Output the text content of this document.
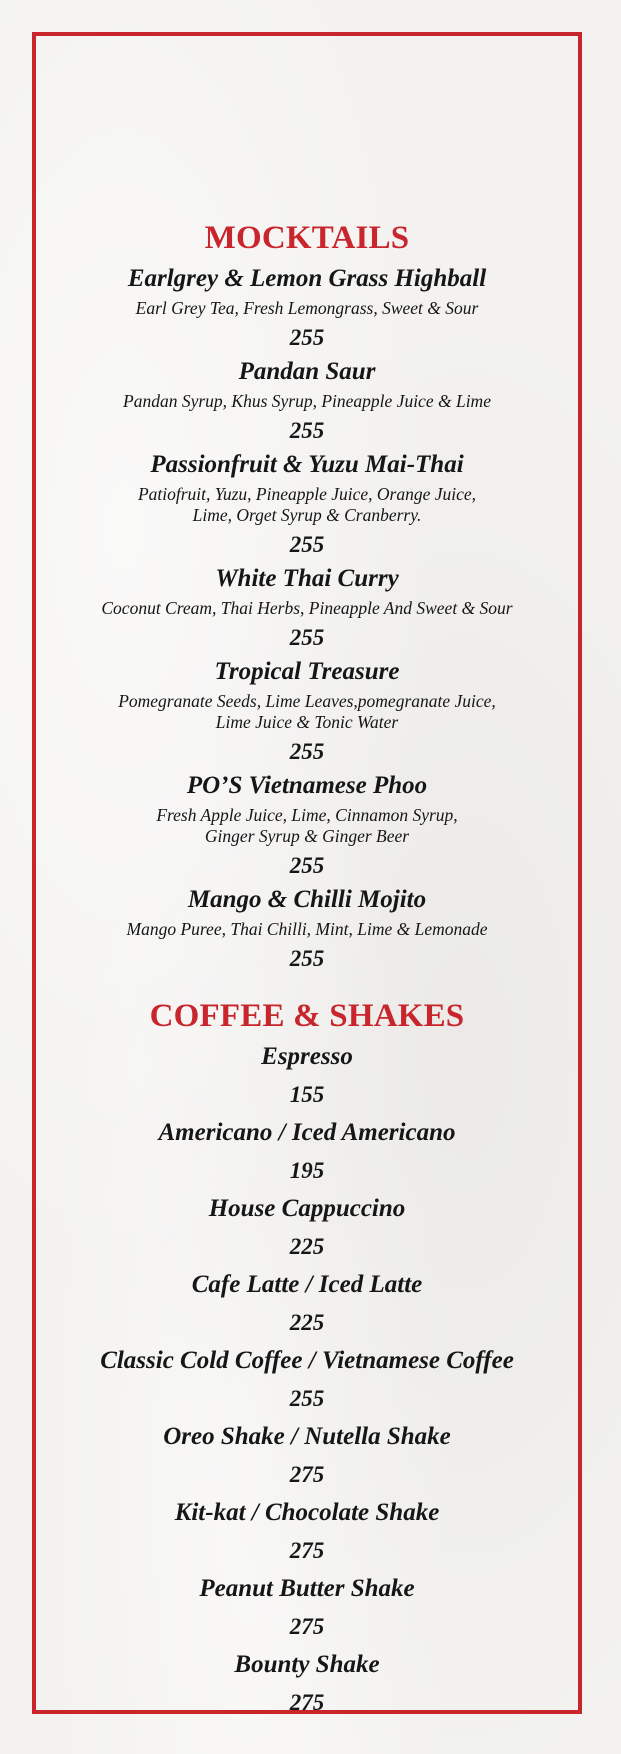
MOCKTAILS
Earlgrey & Lemon Grass Highball
Earl Grey Tea, Fresh Lemongrass, Sweet & Sour
255
Pandan Saur
Pandan Syrup, Khus Syrup, Pineapple Juice & Lime
255
Passionfruit & Yuzu Mai-Thai
Patiofruit, Yuzu, Pineapple Juice, Orange Juice,
Lime, Orget Syrup & Cranberry.
255
White Thai Curry
Coconut Cream, Thai Herbs, Pineapple And Sweet & Sour
255
Tropical Treasure
Pomegranate Seeds, Lime Leaves,pomegranate Juice,
Lime Juice & Tonic Water
255
PO’S Vietnamese Phoo
Fresh Apple Juice, Lime, Cinnamon Syrup,
Ginger Syrup & Ginger Beer
255
Mango & Chilli Mojito
Mango Puree, Thai Chilli, Mint, Lime & Lemonade
255
COFFEE & SHAKES
Espresso
155
Americano / Iced Americano
195
House Cappuccino
225
Cafe Latte / Iced Latte
225
Classic Cold Coffee / Vietnamese Coffee
255
Oreo Shake / Nutella Shake
275
Kit-kat / Chocolate Shake
275
Peanut Butter Shake
275
Bounty Shake
275
